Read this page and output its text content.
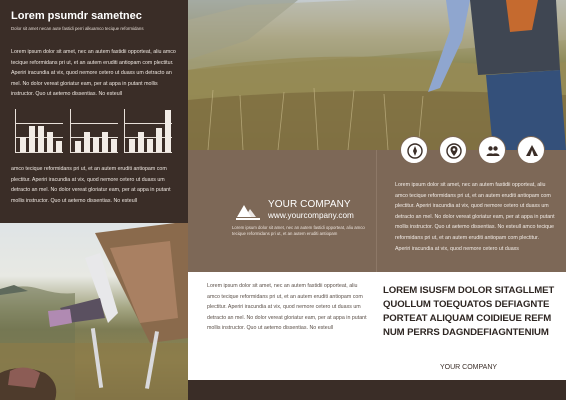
Lorem psumdr sametnec
Dolor sit amet necan aute fastidi perri alkuamco tecique reformidans
Lorem ipsum dolor sit amet, nec an autem fastidii opporteat, aliu amco tecique reformidans pri ut, et an autem eruditi antiopam com plectitur. Aperiri iracundia at vix, quod nemore cetero ut duaxs um detracto an mel. No dolor vereat gloriatur eam, per at appa in putant mollis instructor. Quo ut aetemo dissentias. No esteull
amco tecique reformidans pri ut, et an autem eruditi antiopam com plectitur. Aperiri iracundia at vix, quod nemore cetero ut duaxs um detracto an mel. No dolor vereat gloriatur eam, per at appa in putant mollis instructor. Quo ut aetemo dissentias. No esteull	YOUR COMPANY
www.yourcompany.com
Lorem ipsum dolor sit amet, nec an autem fastidi opporteat, aliu amco tecique reformidans pri ut, et an autem eruditi antiopam
Lorem ipsum dolor sit amet, nec an autem fastidii opporteat, aliu amco tecique reformidans pri ut, et an autem eruditi antiopam com plectitur. Aperiri iracundia at vix, quod nemore cetero ut duaxs um detracto an mel. No dolor vereat gloriatur eam, per at appa in putant mollis instructor. Quo ut aetemo dissentias. No esteull amco tecique reformidans pri ut, et an autem eruditi antiopam com plectitur. Aperiri iracundia at vix, quod nemore cetero ut duaxs
Lorem ipsum dolor sit amet, nec an autem fastidii opporteat, aliu amco tecique reformidans pri ut, et an autem eruditi antiopam com plectitur. Aperiri iracundia at vix, quod nemore cetero ut duaxs um detracto an mel. No dolor vereat gloriatur eam, per at appa in putant mollis instructor. Quo ut aetemo dissentias. No esteull
LOREM ISUSFM DOLOR SITAGLLMET QUOLLUM TOEQUATOS DEFIAGNTE PORTEAT ALIQUAM COIDIEUE REFM NUM PERRS DAGNDEFIAGNTENIUM
YOUR COMPANY
